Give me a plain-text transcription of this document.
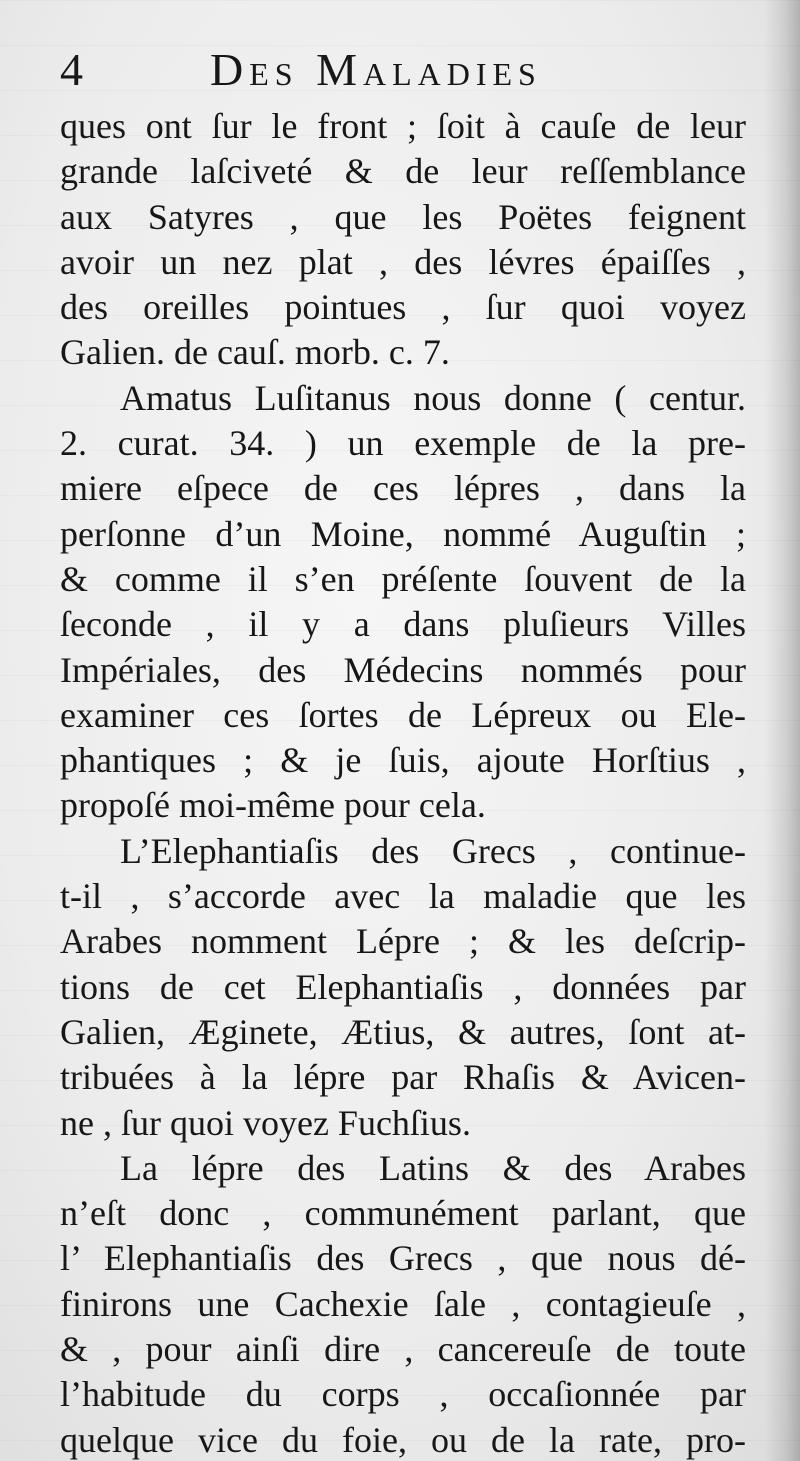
4	Des Maladies
ques ont ſur le front ; ſoit à cauſe de leur
grande laſciveté & de leur reſſemblance
aux Satyres , que les Poëtes feignent
avoir un nez plat , des lévres épaiſſes ,
des oreilles pointues , ſur quoi voyez
Galien. de cauſ. morb. c. 7.
Amatus Luſitanus nous donne ( centur.
2. curat. 34. ) un exemple de la pre-
miere eſpece de ces lépres , dans la
perſonne d’un Moine, nommé Auguſtin ;
& comme il s’en préſente ſouvent de la
ſeconde , il y a dans pluſieurs Villes
Impériales, des Médecins nommés pour
examiner ces ſortes de Lépreux ou Ele-
phantiques ; & je ſuis, ajoute Horſtius ,
propoſé moi-même pour cela.
L’Elephantiaſis des Grecs , continue-
t-il , s’accorde avec la maladie que les
Arabes nomment Lépre ; & les deſcrip-
tions de cet Elephantiaſis , données par
Galien, Æginete, Ætius, & autres, ſont at-
tribuées à la lépre par Rhaſis & Avicen-
ne , ſur quoi voyez Fuchſius.
La lépre des Latins & des Arabes
n’eſt donc , communément parlant, que
l’ Elephantiaſis des Grecs , que nous dé-
finirons une Cachexie ſale , contagieuſe ,
& , pour ainſi dire , cancereuſe de toute
l’habitude du corps , occaſionnée par
quelque vice du foie, ou de la rate, pro-
